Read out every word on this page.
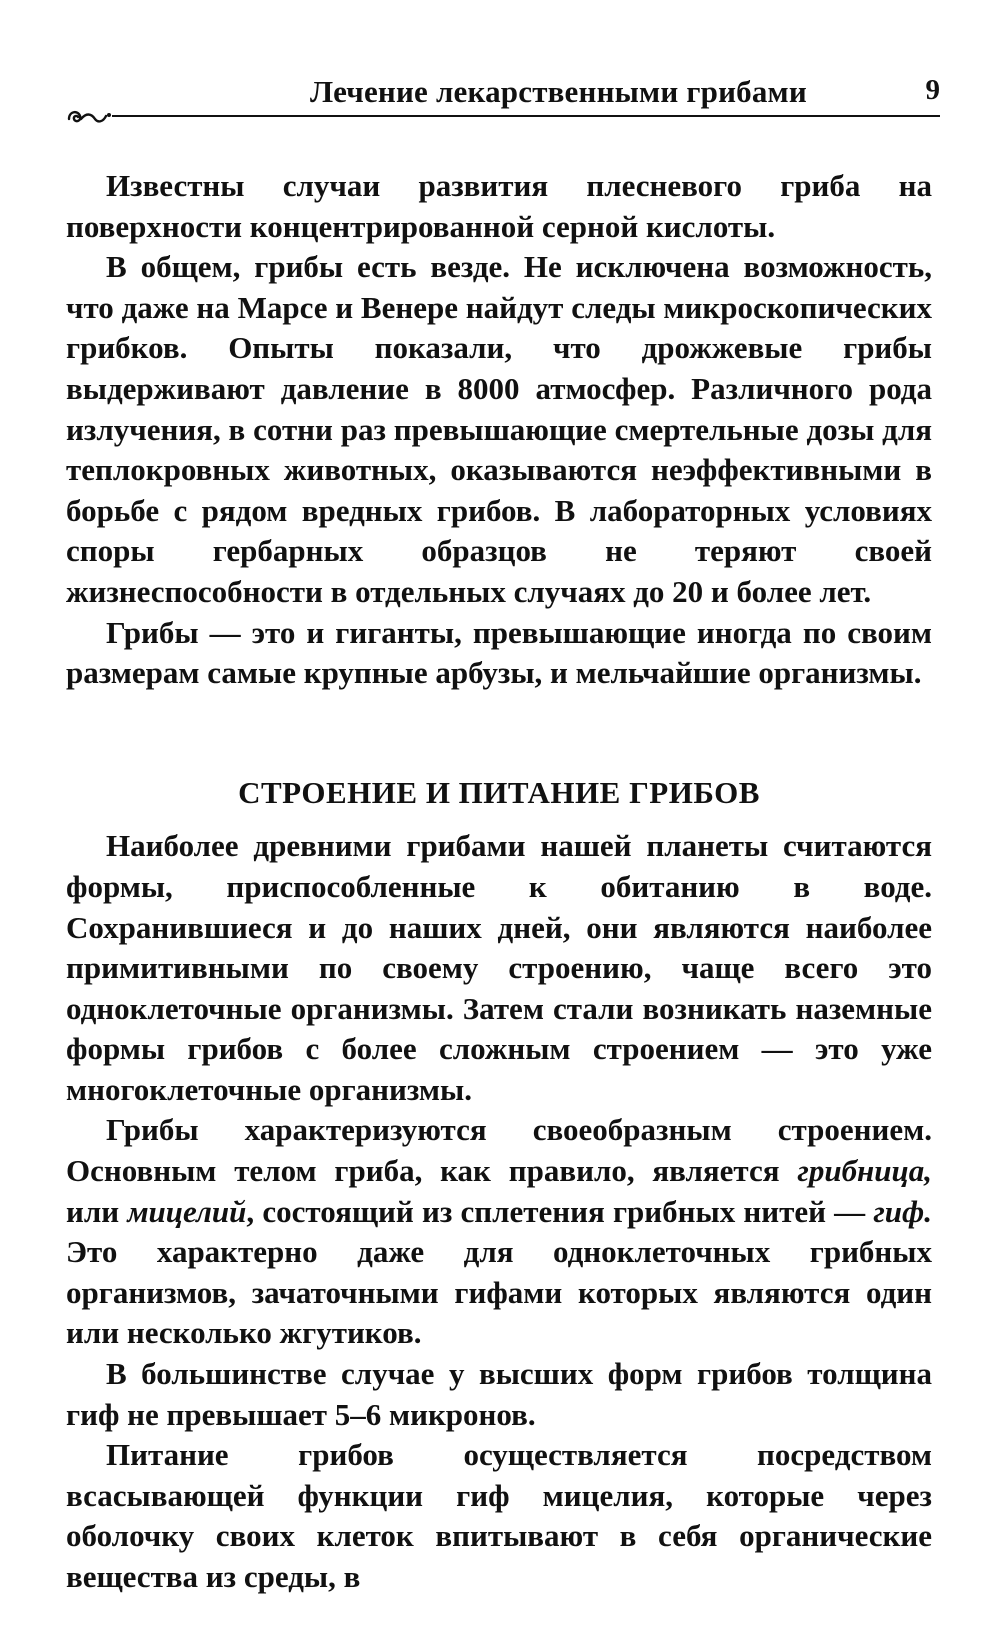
Лечение лекарственными грибами	9

Известны случаи развития плесневого гриба на поверхности концентрированной серной кислоты.

В общем, грибы есть везде. Не исключена возможность, что даже на Марсе и Венере найдут следы микроскопических грибков. Опыты показали, что дрожжевые грибы выдерживают давление в 8000 атмосфер. Различного рода излучения, в сотни раз превышающие смертельные дозы для теплокровных животных, оказываются неэффективными в борьбе с рядом вредных грибов. В лабораторных условиях споры гербарных образцов не теряют своей жизнеспособности в отдельных случаях до 20 и более лет.

Грибы — это и гиганты, превышающие иногда по своим размерам самые крупные арбузы, и мельчайшие организмы.

СТРОЕНИЕ И ПИТАНИЕ ГРИБОВ

Наиболее древними грибами нашей планеты считаются формы, приспособленные к обитанию в воде. Сохранившиеся и до наших дней, они являются наиболее примитивными по своему строению, чаще всего это одноклеточные организмы. Затем стали возникать наземные формы грибов с более сложным строением — это уже многоклеточные организмы.

Грибы характеризуются своеобразным строением. Основным телом гриба, как правило, является грибница, или мицелий, состоящий из сплетения грибных нитей — гиф. Это характерно даже для одноклеточных грибных организмов, зачаточными гифами которых являются один или несколько жгутиков.

В большинстве случае у высших форм грибов толщина гиф не превышает 5–6 микронов.

Питание грибов осуществляется посредством всасывающей функции гиф мицелия, которые через оболочку своих клеток впитывают в себя органические вещества из среды, в
